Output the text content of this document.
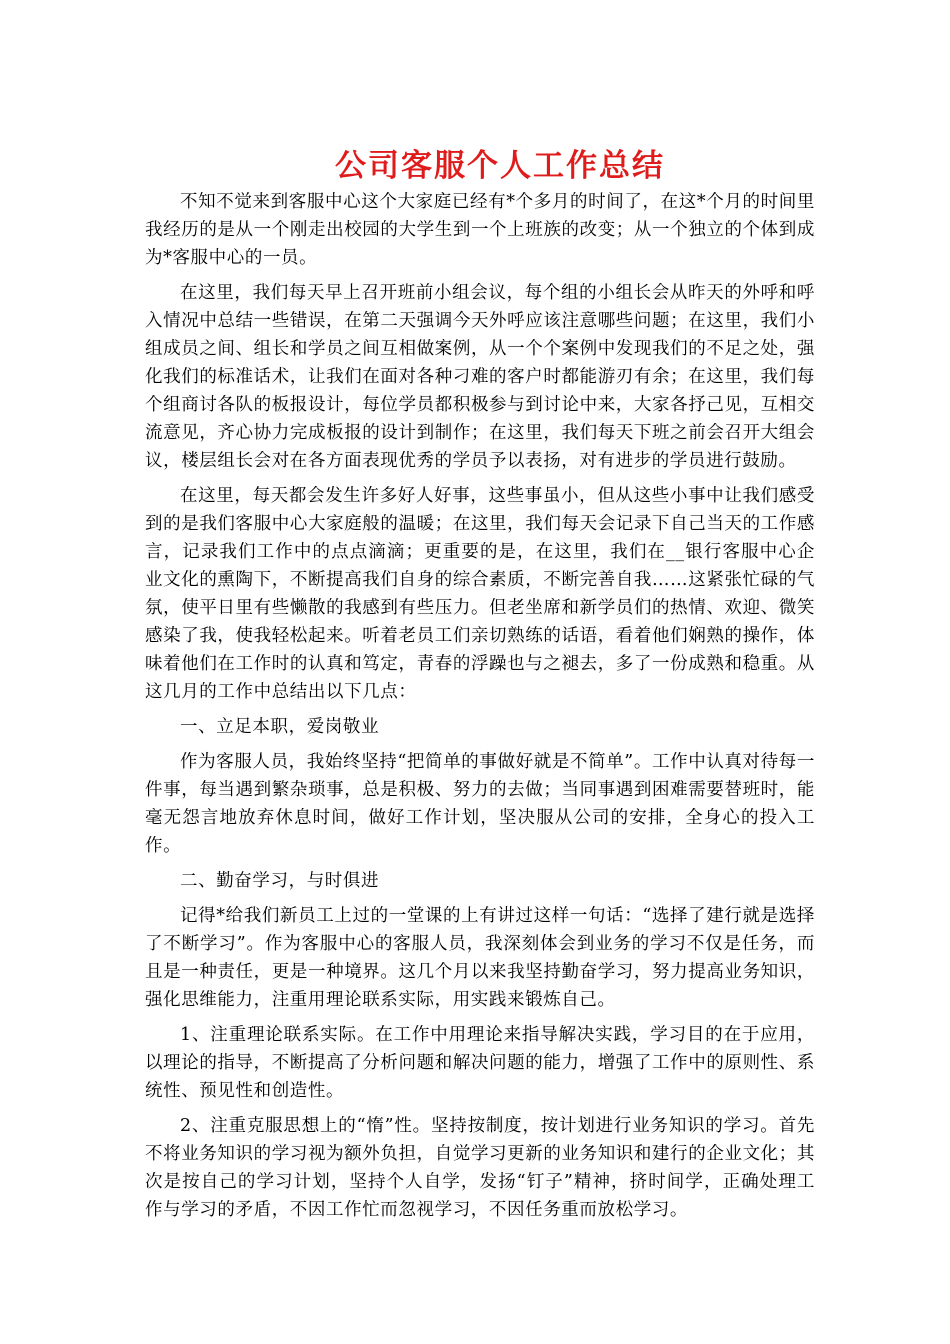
公司客服个人工作总结

不知不觉来到客服中心这个大家庭已经有*个多月的时间了，在这*个月的时间里我经历的是从一个刚走出校园的大学生到一个上班族的改变；从一个独立的个体到成为*客服中心的一员。

在这里，我们每天早上召开班前小组会议，每个组的小组长会从昨天的外呼和呼入情况中总结一些错误，在第二天强调今天外呼应该注意哪些问题；在这里，我们小组成员之间、组长和学员之间互相做案例，从一个个案例中发现我们的不足之处，强化我们的标准话术，让我们在面对各种刁难的客户时都能游刃有余；在这里，我们每个组商讨各队的板报设计，每位学员都积极参与到讨论中来，大家各抒己见，互相交流意见，齐心协力完成板报的设计到制作；在这里，我们每天下班之前会召开大组会议，楼层组长会对在各方面表现优秀的学员予以表扬，对有进步的学员进行鼓励。

在这里，每天都会发生许多好人好事，这些事虽小，但从这些小事中让我们感受到的是我们客服中心大家庭般的温暖；在这里，我们每天会记录下自己当天的工作感言，记录我们工作中的点点滴滴；更重要的是，在这里，我们在__银行客服中心企业文化的熏陶下，不断提高我们自身的综合素质，不断完善自我……这紧张忙碌的气氛，使平日里有些懒散的我感到有些压力。但老坐席和新学员们的热情、欢迎、微笑感染了我，使我轻松起来。听着老员工们亲切熟练的话语，看着他们娴熟的操作，体味着他们在工作时的认真和笃定，青春的浮躁也与之褪去，多了一份成熟和稳重。从这几月的工作中总结出以下几点：

一、立足本职，爱岗敬业

作为客服人员，我始终坚持“把简单的事做好就是不简单”。工作中认真对待每一件事，每当遇到繁杂琐事，总是积极、努力的去做；当同事遇到困难需要替班时，能毫无怨言地放弃休息时间，做好工作计划，坚决服从公司的安排，全身心的投入工作。

二、勤奋学习，与时俱进

记得*给我们新员工上过的一堂课的上有讲过这样一句话：“选择了建行就是选择了不断学习”。作为客服中心的客服人员，我深刻体会到业务的学习不仅是任务，而且是一种责任，更是一种境界。这几个月以来我坚持勤奋学习，努力提高业务知识，强化思维能力，注重用理论联系实际，用实践来锻炼自己。

1、注重理论联系实际。在工作中用理论来指导解决实践，学习目的在于应用，以理论的指导，不断提高了分析问题和解决问题的能力，增强了工作中的原则性、系统性、预见性和创造性。

2、注重克服思想上的“惰”性。坚持按制度，按计划进行业务知识的学习。首先不将业务知识的学习视为额外负担，自觉学习更新的业务知识和建行的企业文化；其次是按自己的学习计划，坚持个人自学，发扬“钉子”精神，挤时间学，正确处理工作与学习的矛盾，不因工作忙而忽视学习，不因任务重而放松学习。
